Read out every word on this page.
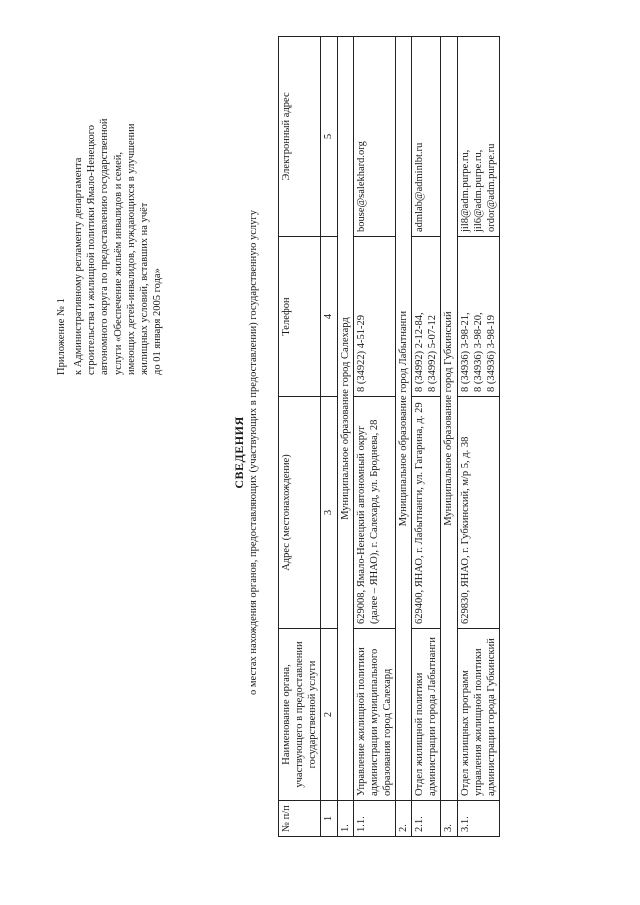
Приложение № 1 к Административному регламенту департамента строительства и жилищной политики Ямало-Ненецкого автономного округа по предоставлению государственной услуги «Обеспечение жильём инвалидов и семей, имеющих детей-инвалидов, нуждающихся в улучшении жилищных условий, вставших на учёт до 01 января 2005 года»
СВЕДЕНИЯ о местах нахождения органов, предоставляющих (участвующих в предоставлении) государственную услугу
№ п/п	Наименование органа, участвующего в предоставлении государственной услуги	Адрес (местонахождение)	Телефон	Электронный адрес
1	2	3	4	5
1.	Муниципальное образование город Салехард			
1.1.	Управление жилищной политики администрации муниципального образования город Салехард	629008, Ямало-Ненецкий автономный округ (далее – ЯНАО), г. Салехард, ул. Броднева, 28	8 (34922) 4-51-29	bouse@salekhard.org

2.	Муниципальное образование город Лабытнанги			
2.1.	Отдел жилищной политики администрации города Лабытнанги	629400, ЯНАО, г. Лабытнанги, ул. Гагарина, д. 29	8 (34992) 2-12-84, 8 (34992) 5-07-12	admlab@adminlbt.ru

3.	Муниципальное образование город Губкинский			
3.1.	Отдел жилищных программ управления жилищной политики администрации города Губкинский	629830, ЯНАО, г. Губкинский, м/р 5, д. 38	8 (34936) 3-98-21, 8 (34936) 3-98-20, 8 (34936) 3-98-19	jil8@adm.purpe.ru, jil6@adm.purpe.ru, ordor@adm.purpe.ru
